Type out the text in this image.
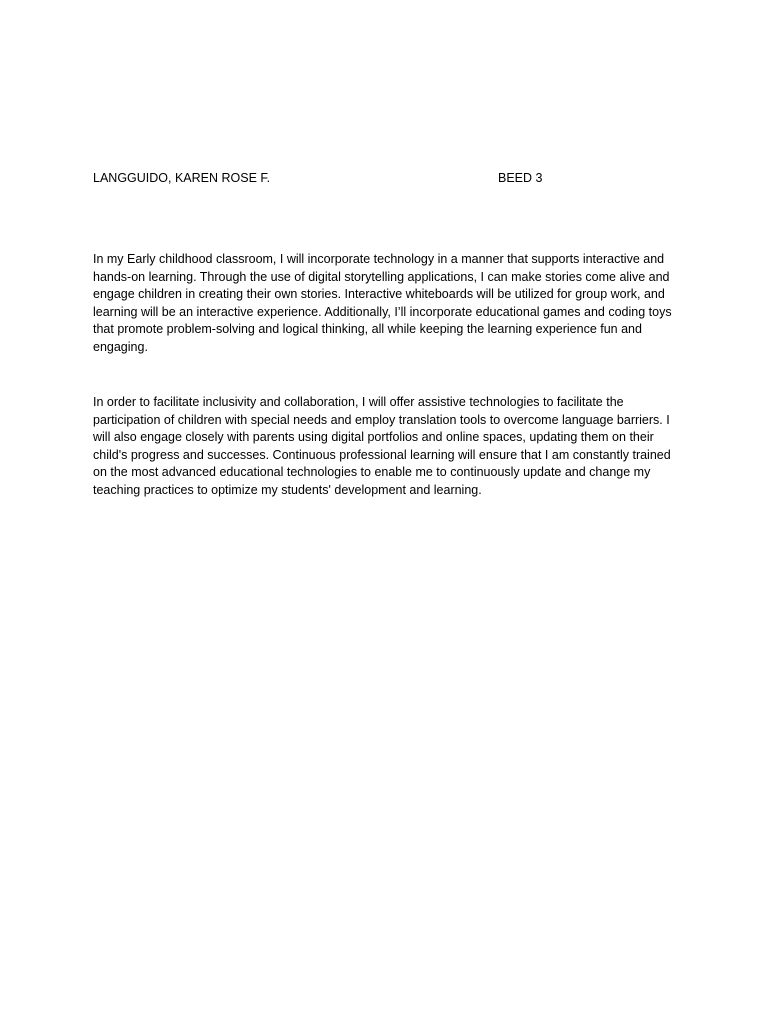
LANGGUIDO, KAREN ROSE F.	BEED 3

In my Early childhood classroom, I will incorporate technology in a manner that supports interactive and hands-on learning. Through the use of digital storytelling applications, I can make stories come alive and engage children in creating their own stories. Interactive whiteboards will be utilized for group work, and learning will be an interactive experience. Additionally, I’ll incorporate educational games and coding toys that promote problem-solving and logical thinking, all while keeping the learning experience fun and engaging.

In order to facilitate inclusivity and collaboration, I will offer assistive technologies to facilitate the participation of children with special needs and employ translation tools to overcome language barriers. I will also engage closely with parents using digital portfolios and online spaces, updating them on their child's progress and successes. Continuous professional learning will ensure that I am constantly trained on the most advanced educational technologies to enable me to continuously update and change my teaching practices to optimize my students' development and learning.
